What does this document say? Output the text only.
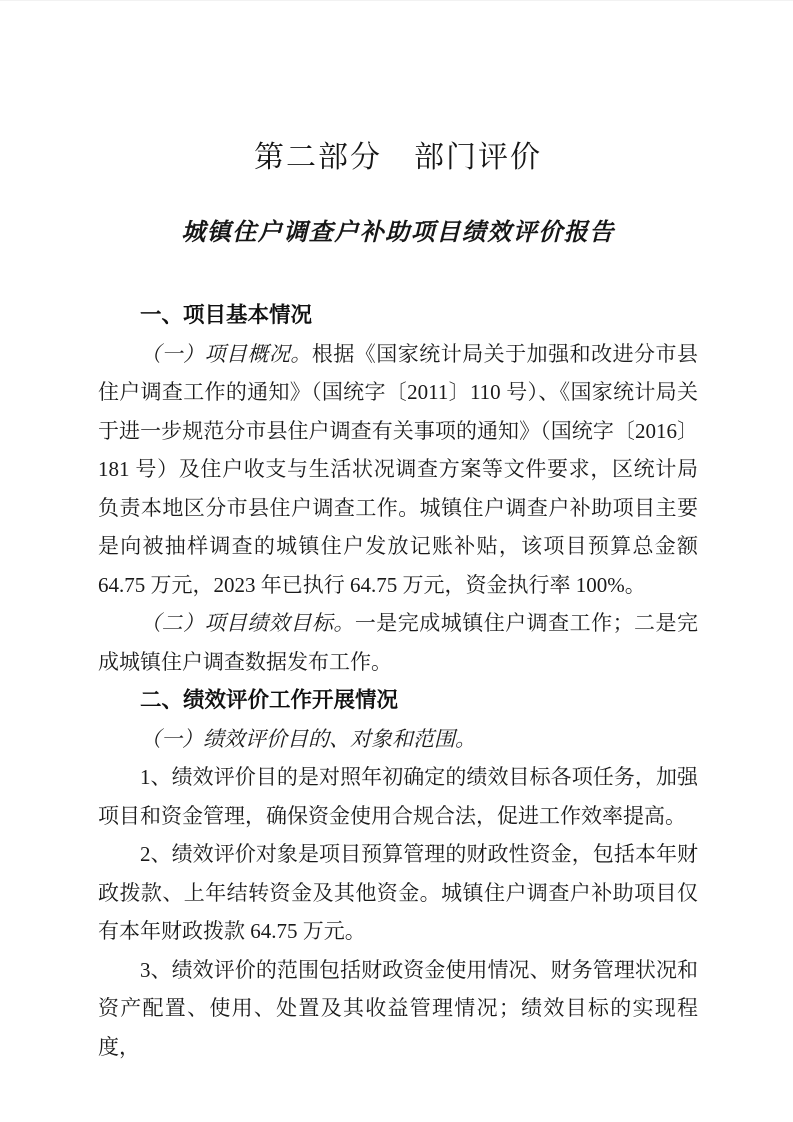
第二部分　部门评价
城镇住户调查户补助项目绩效评价报告
一、项目基本情况

（一）项目概况。根据《国家统计局关于加强和改进分市县住户调查工作的通知》（国统字〔2011〕110 号）、《国家统计局关于进一步规范分市县住户调查有关事项的通知》（国统字〔2016〕181 号）及住户收支与生活状况调查方案等文件要求，区统计局负责本地区分市县住户调查工作。城镇住户调查户补助项目主要是向被抽样调查的城镇住户发放记账补贴，该项目预算总金额 64.75 万元，2023 年已执行 64.75 万元，资金执行率 100%。

（二）项目绩效目标。一是完成城镇住户调查工作；二是完成城镇住户调查数据发布工作。

二、绩效评价工作开展情况

（一）绩效评价目的、对象和范围。

1、绩效评价目的是对照年初确定的绩效目标各项任务，加强项目和资金管理，确保资金使用合规合法，促进工作效率提高。

2、绩效评价对象是项目预算管理的财政性资金，包括本年财政拨款、上年结转资金及其他资金。城镇住户调查户补助项目仅有本年财政拨款 64.75 万元。

3、绩效评价的范围包括财政资金使用情况、财务管理状况和资产配置、使用、处置及其收益管理情况；绩效目标的实现程度，
